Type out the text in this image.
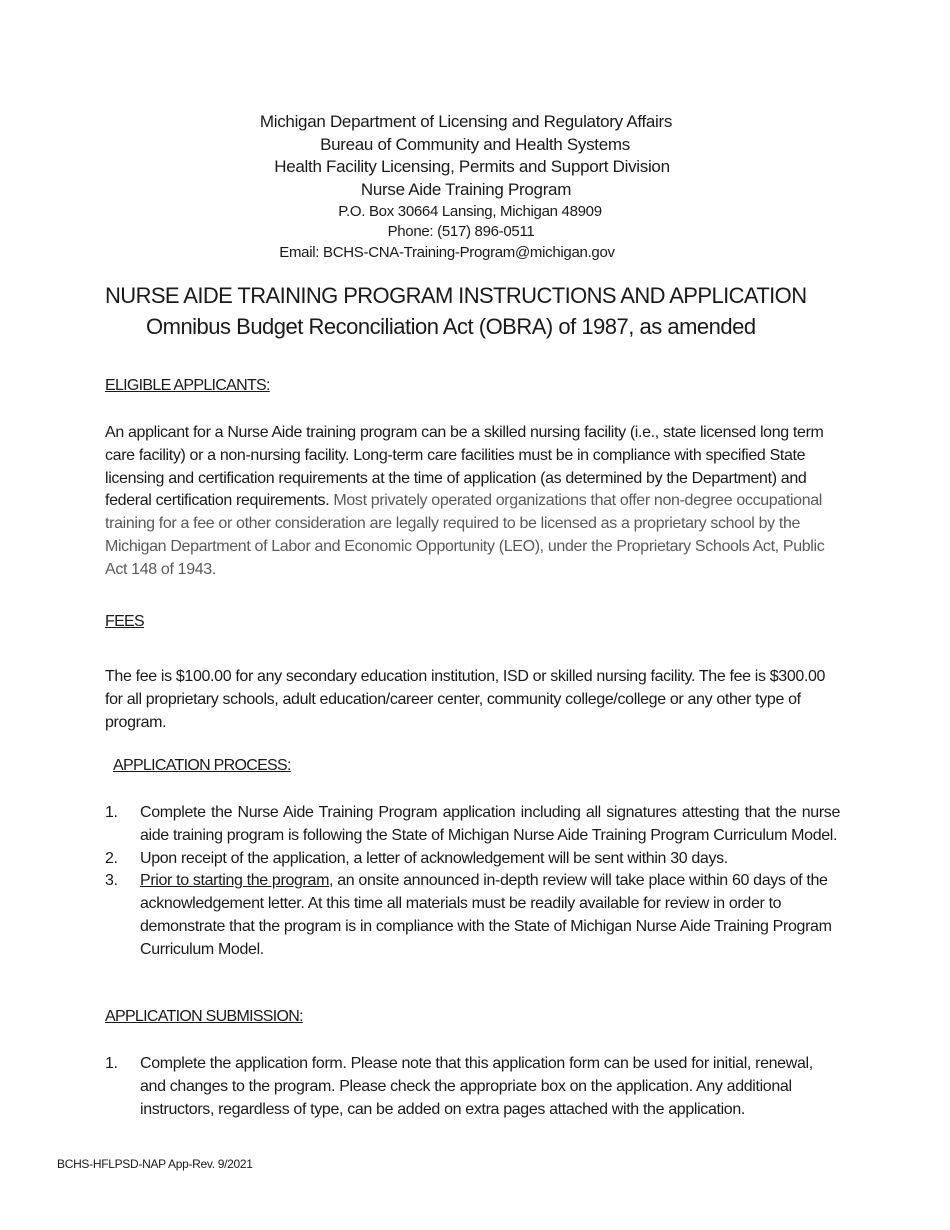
Michigan Department of Licensing and Regulatory Affairs
Bureau of Community and Health Systems
Health Facility Licensing, Permits and Support Division
Nurse Aide Training Program
P.O. Box 30664 Lansing, Michigan 48909
Phone: (517) 896-0511
Email: BCHS-CNA-Training-Program@michigan.gov
NURSE AIDE TRAINING PROGRAM INSTRUCTIONS AND APPLICATION
Omnibus Budget Reconciliation Act (OBRA) of 1987, as amended
ELIGIBLE APPLICANTS:
An applicant for a Nurse Aide training program can be a skilled nursing facility (i.e., state licensed long term care facility) or a non-nursing facility. Long-term care facilities must be in compliance with specified State licensing and certification requirements at the time of application (as determined by the Department) and federal certification requirements. Most privately operated organizations that offer non-degree occupational training for a fee or other consideration are legally required to be licensed as a proprietary school by the Michigan Department of Labor and Economic Opportunity (LEO), under the Proprietary Schools Act, Public Act 148 of 1943.
FEES
The fee is $100.00 for any secondary education institution, ISD or skilled nursing facility. The fee is $300.00 for all proprietary schools, adult education/career center, community college/college or any other type of program.
APPLICATION PROCESS:
1. Complete the Nurse Aide Training Program application including all signatures attesting that the nurse aide training program is following the State of Michigan Nurse Aide Training Program Curriculum Model.
2. Upon receipt of the application, a letter of acknowledgement will be sent within 30 days.
3. Prior to starting the program, an onsite announced in-depth review will take place within 60 days of the acknowledgement letter. At this time all materials must be readily available for review in order to demonstrate that the program is in compliance with the State of Michigan Nurse Aide Training Program Curriculum Model.
APPLICATION SUBMISSION:
1. Complete the application form. Please note that this application form can be used for initial, renewal, and changes to the program. Please check the appropriate box on the application. Any additional instructors, regardless of type, can be added on extra pages attached with the application.
BCHS-HFLPSD-NAP App-Rev. 9/2021
